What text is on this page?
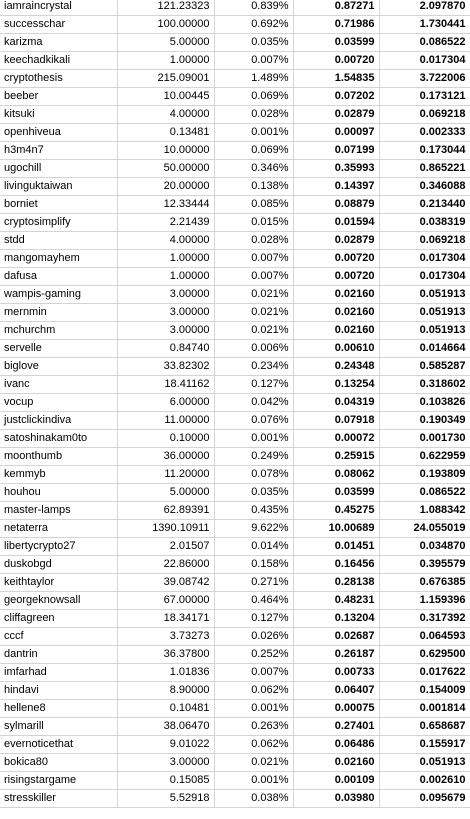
iamraincrystal	121.23323	0.839%	0.87271	2.097870
successchar	100.00000	0.692%	0.71986	1.730441
karizma	5.00000	0.035%	0.03599	0.086522
keechadkikali	1.00000	0.007%	0.00720	0.017304
cryptothesis	215.09001	1.489%	1.54835	3.722006
beeber	10.00445	0.069%	0.07202	0.173121
kitsuki	4.00000	0.028%	0.02879	0.069218
openhiveua	0.13481	0.001%	0.00097	0.002333
h3m4n7	10.00000	0.069%	0.07199	0.173044
ugochill	50.00000	0.346%	0.35993	0.865221
livinguktaiwan	20.00000	0.138%	0.14397	0.346088
borniet	12.33444	0.085%	0.08879	0.213440
cryptosimplify	2.21439	0.015%	0.01594	0.038319
stdd	4.00000	0.028%	0.02879	0.069218
mangomayhem	1.00000	0.007%	0.00720	0.017304
dafusa	1.00000	0.007%	0.00720	0.017304
wampis-gaming	3.00000	0.021%	0.02160	0.051913
mernmin	3.00000	0.021%	0.02160	0.051913
mchurchm	3.00000	0.021%	0.02160	0.051913
servelle	0.84740	0.006%	0.00610	0.014664
biglove	33.82302	0.234%	0.24348	0.585287
ivanc	18.41162	0.127%	0.13254	0.318602
vocup	6.00000	0.042%	0.04319	0.103826
justclickindiva	11.00000	0.076%	0.07918	0.190349
satoshinakam0to	0.10000	0.001%	0.00072	0.001730
moonthumb	36.00000	0.249%	0.25915	0.622959
kemmyb	11.20000	0.078%	0.08062	0.193809
houhou	5.00000	0.035%	0.03599	0.086522
master-lamps	62.89391	0.435%	0.45275	1.088342
netaterra	1390.10911	9.622%	10.00689	24.055019
libertycrypto27	2.01507	0.014%	0.01451	0.034870
duskobgd	22.86000	0.158%	0.16456	0.395579
keithtaylor	39.08742	0.271%	0.28138	0.676385
georgeknowsall	67.00000	0.464%	0.48231	1.159396
cliffagreen	18.34171	0.127%	0.13204	0.317392
cccf	3.73273	0.026%	0.02687	0.064593
dantrin	36.37800	0.252%	0.26187	0.629500
imfarhad	1.01836	0.007%	0.00733	0.017622
hindavi	8.90000	0.062%	0.06407	0.154009
hellene8	0.10481	0.001%	0.00075	0.001814
sylmarill	38.06470	0.263%	0.27401	0.658687
evernoticethat	9.01022	0.062%	0.06486	0.155917
bokica80	3.00000	0.021%	0.02160	0.051913
risingstargame	0.15085	0.001%	0.00109	0.002610
stresskiller	5.52918	0.038%	0.03980	0.095679
